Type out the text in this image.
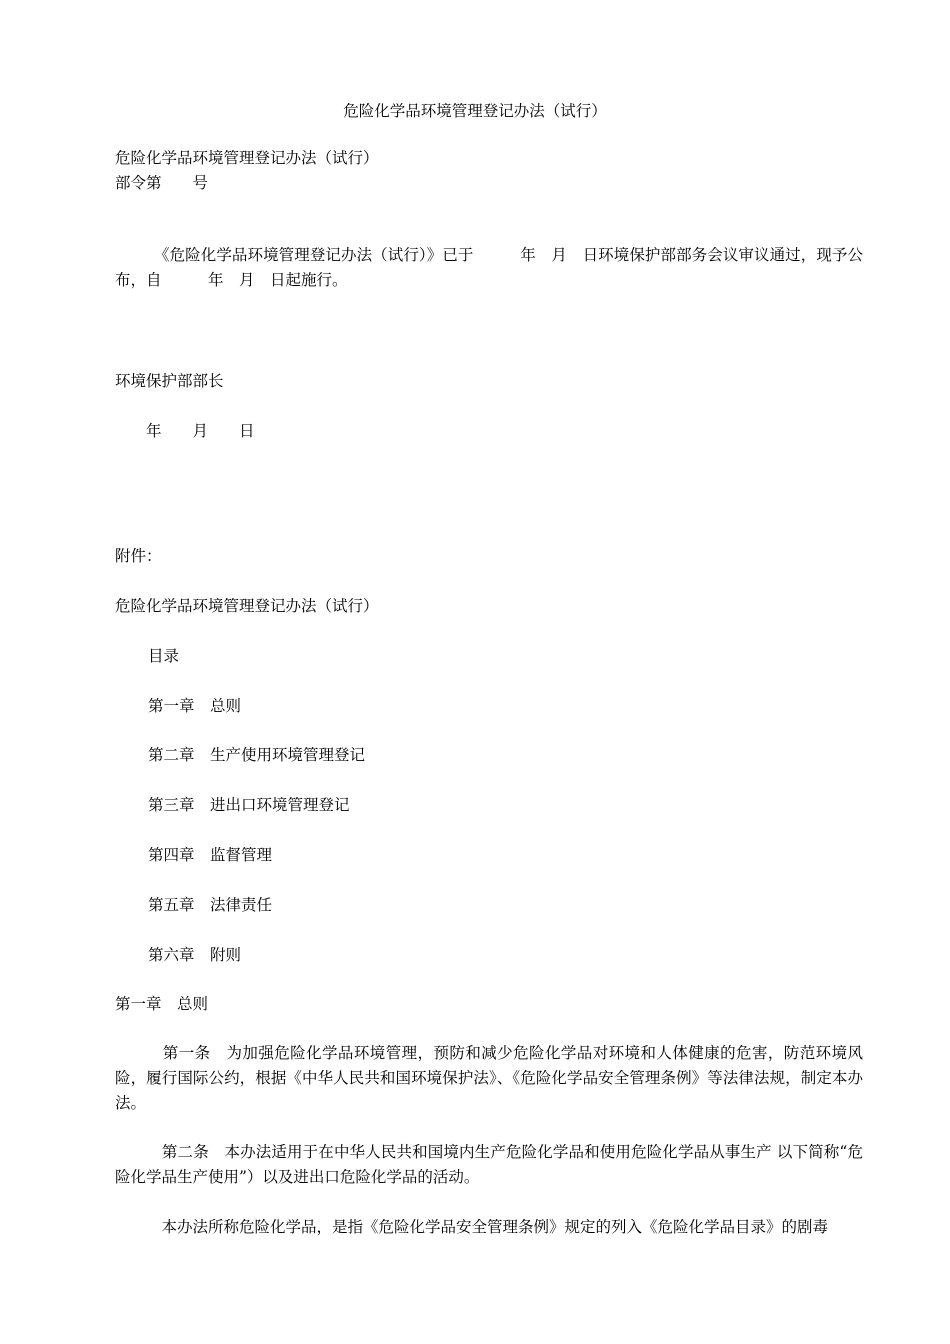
危险化学品环境管理登记办法（试行）
危险化学品环境管理登记办法（试行）
部令第　　号
　　　《危险化学品环境管理登记办法（试行）》已于　　　年　月　日环境保护部部务会议审议通过，现予公布，自　　　年　月　日起施行。
环境保护部部长
　　年　　月　　日
附件：
危险化学品环境管理登记办法（试行）
目录
第一章　总则
第二章　生产使用环境管理登记
第三章　进出口环境管理登记
第四章　监督管理
第五章　法律责任
第六章　附则
第一章　总则
　　　第一条　为加强危险化学品环境管理，预防和减少危险化学品对环境和人体健康的危害，防范环境风险，履行国际公约，根据《中华人民共和国环境保护法》、《危险化学品安全管理条例》等法律法规，制定本办法。
　　　第二条　本办法适用于在中华人民共和国境内生产危险化学品和使用危险化学品从事生产 以下简称“危险化学品生产使用”）以及进出口危险化学品的活动。
　　　本办法所称危险化学品，是指《危险化学品安全管理条例》规定的列入《危险化学品目录》的剧毒
